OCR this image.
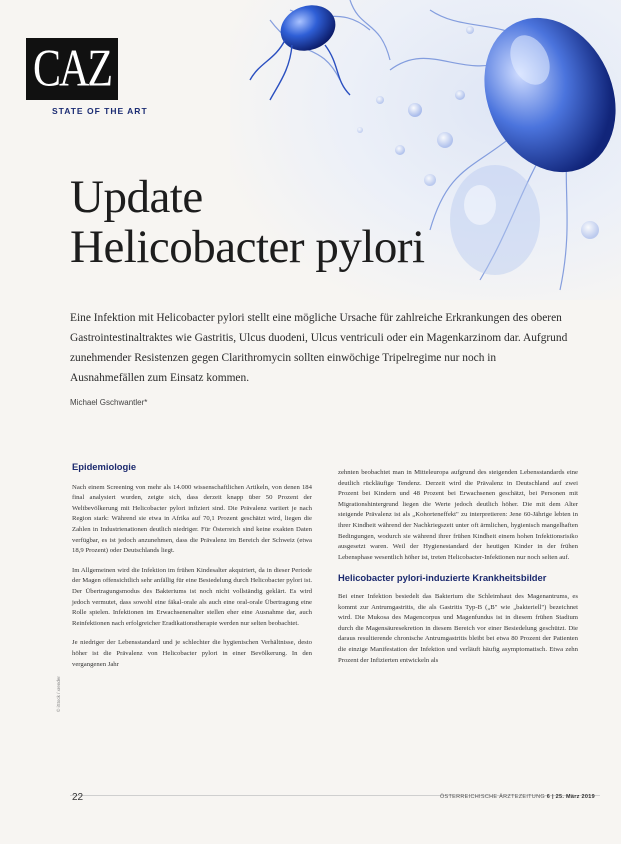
CAZ
STATE OF THE ART
Update
Helicobacter pylori

Eine Infektion mit Helicobacter pylori stellt eine mögliche Ursache für zahlreiche Erkrankungen des oberen Gastrointestinaltraktes wie Gastritis, Ulcus duodeni, Ulcus ventriculi oder ein Magenkarzinom dar. Aufgrund zunehmender Resistenzen gegen Clarithromycin sollten einwöchige Tripelregime nur noch in Ausnahmefällen zum Einsatz kommen.

Michael Gschwantler*
Epidemiologie

Nach einem Screening von mehr als 14.000 wissenschaftlichen Artikeln, von denen 184 final analysiert wurden, zeigte sich, dass derzeit knapp über 50 Prozent der Weltbevölkerung mit Helicobacter pylori infiziert sind. Die Prävalenz variiert je nach Region stark: Während sie etwa in Afrika auf 70,1 Prozent geschätzt wird, liegen die Zahlen in Industrienationen deutlich niedriger. Für Österreich sind keine exakten Daten verfügbar, es ist jedoch anzunehmen, dass die Prävalenz im Bereich der Schweiz (etwa 18,9 Prozent) oder Deutschlands liegt.

Im Allgemeinen wird die Infektion im frühen Kindesalter akquiriert, da in dieser Periode der Magen offensichtlich sehr anfällig für eine Besiedelung durch Helicobacter pylori ist. Der Übertragungsmodus des Bakteriums ist noch nicht vollständig geklärt. Es wird jedoch vermutet, dass sowohl eine fäkal-orale als auch eine oral-orale Übertragung eine Rolle spielen. Infektionen im Erwachsenenalter stellen eher eine Ausnahme dar, auch Reinfektionen nach erfolgreicher Eradikationstherapie werden nur selten beobachtet.

Je niedriger der Lebensstandard und je schlechter die hygienischen Verhältnisse, desto höher ist die Prävalenz von Helicobacter pylori in einer Bevölkerung. In den vergangenen Jahr

zehnten beobachtet man in Mitteleuropa aufgrund des steigenden Lebensstandards eine deutlich rückläufige Tendenz. Derzeit wird die Prävalenz in Deutschland auf zwei Prozent bei Kindern und 48 Prozent bei Erwachsenen geschätzt, bei Personen mit Migrationshintergrund liegen die Werte jedoch deutlich höher. Die mit dem Alter steigende Prävalenz ist als „Kohorteneffekt" zu interpretieren: Jene 60-Jährige lebten in ihrer Kindheit während der Nachkriegszeit unter oft ärmlichen, hygienisch mangelhaften Bedingungen, wodurch sie während ihrer frühen Kindheit einem hohen Infektionsrisiko ausgesetzt waren. Weil der Hygienestandard der heutigen Kinder in der frühen Lebensphase wesentlich höher ist, treten Helicobacter-Infektionen nur noch selten auf.

Helicobacter pylori-induzierte Krankheitsbilder

Bei einer Infektion besiedelt das Bakterium die Schleimhaut des Magenantrums, es kommt zur Antrumgastritis, die als Gastritis Typ-B („B" wie „bakteriell") bezeichnet wird. Die Mukosa des Magencorpus und Magenfundus ist in diesem frühen Stadium durch die Magensäuresekretion in diesem Bereich vor einer Besiedelung geschützt. Die daraus resultierende chronische Antrumgastritis bleibt bei etwa 80 Prozent der Patienten die einzige Manifestation der Infektion und verläuft häufig asymptomatisch. Etwa zehn Prozent der Infizierten entwickeln als

© iStock / xrender
22	ÖSTERREICHISCHE ÄRZTEZEITUNG 6 | 25. März 2019
